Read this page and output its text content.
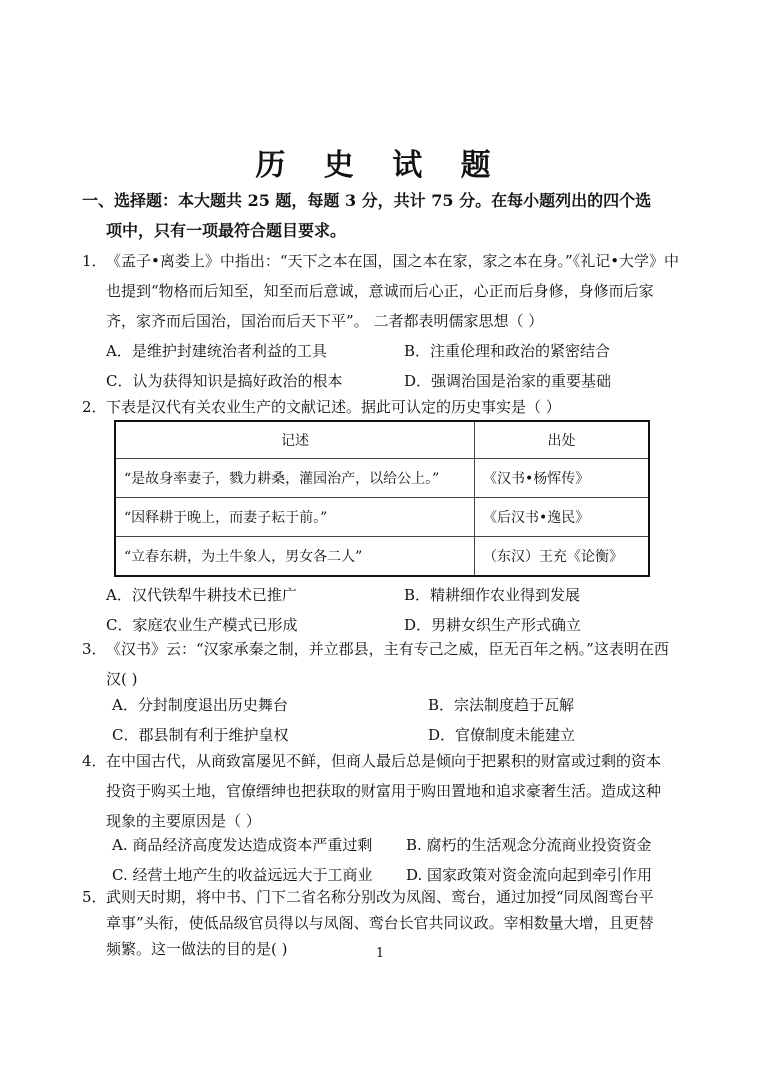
历 史 试 题
一、选择题：本大题共 25 题，每题 3 分，共计 75 分。在每小题列出的四个选
项中，只有一项最符合题目要求。
1． 《孟子•离娄上》中指出：“天下之本在国，国之本在家，家之本在身。”《礼记•大学》中
也提到“物格而后知至，知至而后意诚，意诚而后心正，心正而后身修，身修而后家
齐，家齐而后国治，国治而后天下平”。 二者都表明儒家思想（ ）
A．是维护封建统治者利益的工具	B．注重伦理和政治的紧密结合
C．认为获得知识是搞好政治的根本	D．强调治国是治家的重要基础
2． 下表是汉代有关农业生产的文献记述。据此可认定的历史事实是（ ）
记述	出处
“是故身率妻子，戮力耕桑，灌园治产，以给公上。”	《汉书•杨恽传》
“因释耕于晚上，而妻子耘于前。”	《后汉书•逸民》
“立春东耕，为土牛象人，男女各二人”	（东汉）王充《论衡》
A．汉代铁犁牛耕技术已推广	B．精耕细作农业得到发展
C．家庭农业生产模式已形成	D．男耕女织生产形式确立
3． 《汉书》云：“汉家承秦之制，并立郡县，主有专己之威，臣无百年之柄。”这表明在西
汉( )
A．分封制度退出历史舞台	B．宗法制度趋于瓦解
C．郡县制有利于维护皇权	D．官僚制度未能建立
4． 在中国古代，从商致富屡见不鲜，但商人最后总是倾向于把累积的财富或过剩的资本
投资于购买土地，官僚缙绅也把获取的财富用于购田置地和追求豪奢生活。造成这种
现象的主要原因是（ ）
A. 商品经济高度发达造成资本严重过剩	B. 腐朽的生活观念分流商业投资资金
C. 经营土地产生的收益远远大于工商业	D. 国家政策对资金流向起到牵引作用
5． 武则天时期，将中书、门下二省名称分别改为凤阁、鸾台，通过加授“同凤阁鸾台平
章事”头衔，使低品级官员得以与凤阁、鸾台长官共同议政。宰相数量大增，且更替
频繁。这一做法的目的是( )	1
